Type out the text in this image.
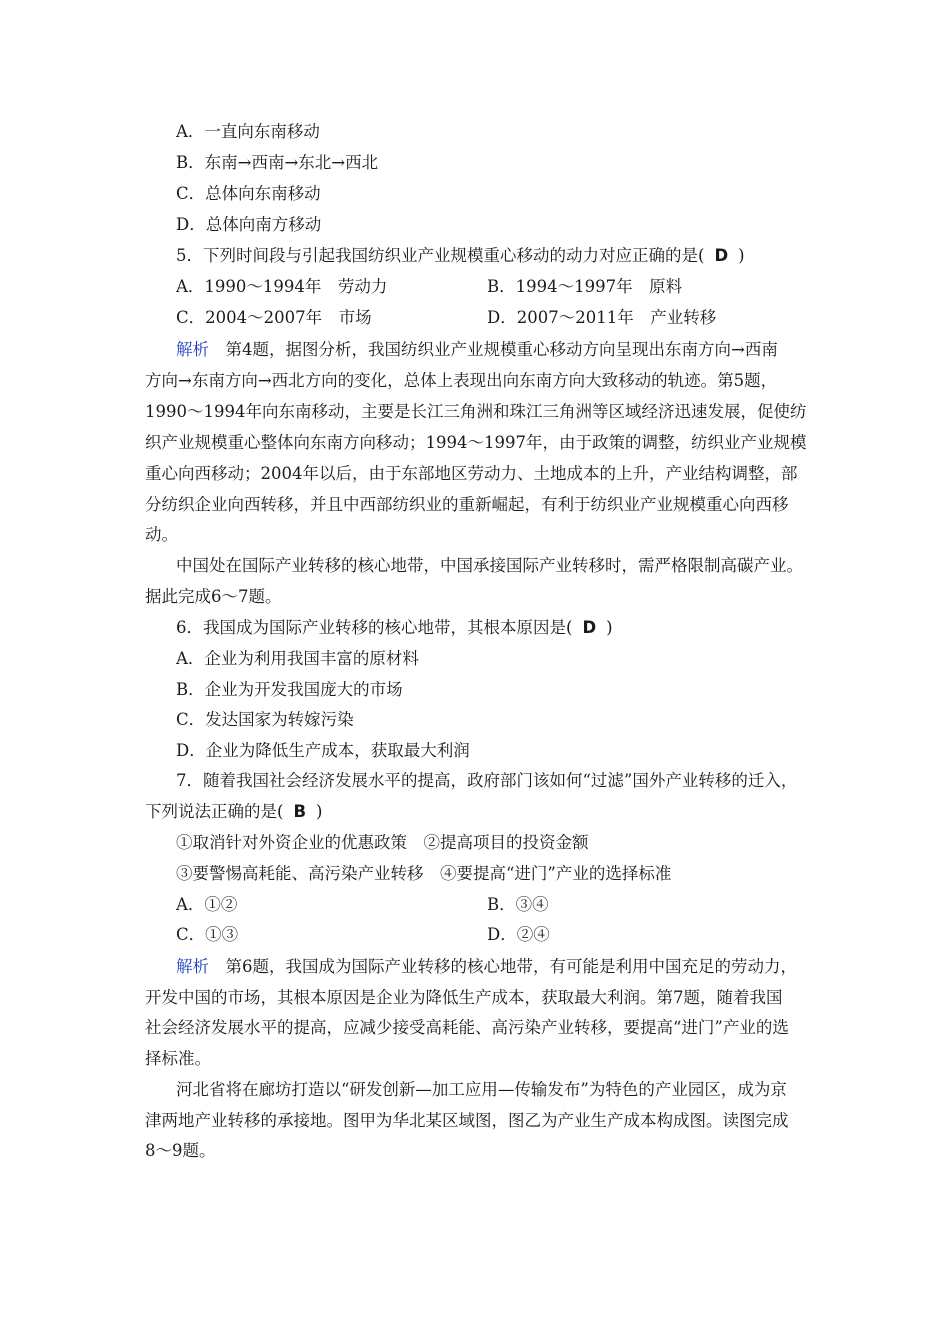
A．一直向东南移动
B．东南→西南→东北→西北
C．总体向东南移动
D．总体向南方移动
5．下列时间段与引起我国纺织业产业规模重心移动的动力对应正确的是( D )
A．1990～1994年　劳动力	B．1994～1997年　原料
C．2004～2007年　市场	D．2007～2011年　产业转移
解析　第4题，据图分析，我国纺织业产业规模重心移动方向呈现出东南方向→西南
方向→东南方向→西北方向的变化，总体上表现出向东南方向大致移动的轨迹。第5题，
1990～1994年向东南移动，主要是长江三角洲和珠江三角洲等区域经济迅速发展，促使纺
织产业规模重心整体向东南方向移动；1994～1997年，由于政策的调整，纺织业产业规模
重心向西移动；2004年以后，由于东部地区劳动力、土地成本的上升，产业结构调整，部
分纺织企业向西转移，并且中西部纺织业的重新崛起，有利于纺织业产业规模重心向西移
动。
中国处在国际产业转移的核心地带，中国承接国际产业转移时，需严格限制高碳产业。
据此完成6～7题。
6．我国成为国际产业转移的核心地带，其根本原因是( D )
A．企业为利用我国丰富的原材料
B．企业为开发我国庞大的市场
C．发达国家为转嫁污染
D．企业为降低生产成本，获取最大利润
7．随着我国社会经济发展水平的提高，政府部门该如何“过滤”国外产业转移的迁入，
下列说法正确的是( B )
①取消针对外资企业的优惠政策　②提高项目的投资金额
③要警惕高耗能、高污染产业转移　④要提高“进门”产业的选择标准
A．①②	B．③④
C．①③	D．②④
解析　第6题，我国成为国际产业转移的核心地带，有可能是利用中国充足的劳动力，
开发中国的市场，其根本原因是企业为降低生产成本，获取最大利润。第7题，随着我国
社会经济发展水平的提高，应减少接受高耗能、高污染产业转移，要提高“进门”产业的选
择标准。
河北省将在廊坊打造以“研发创新—加工应用—传输发布”为特色的产业园区，成为京
津两地产业转移的承接地。图甲为华北某区域图，图乙为产业生产成本构成图。读图完成
8～9题。
